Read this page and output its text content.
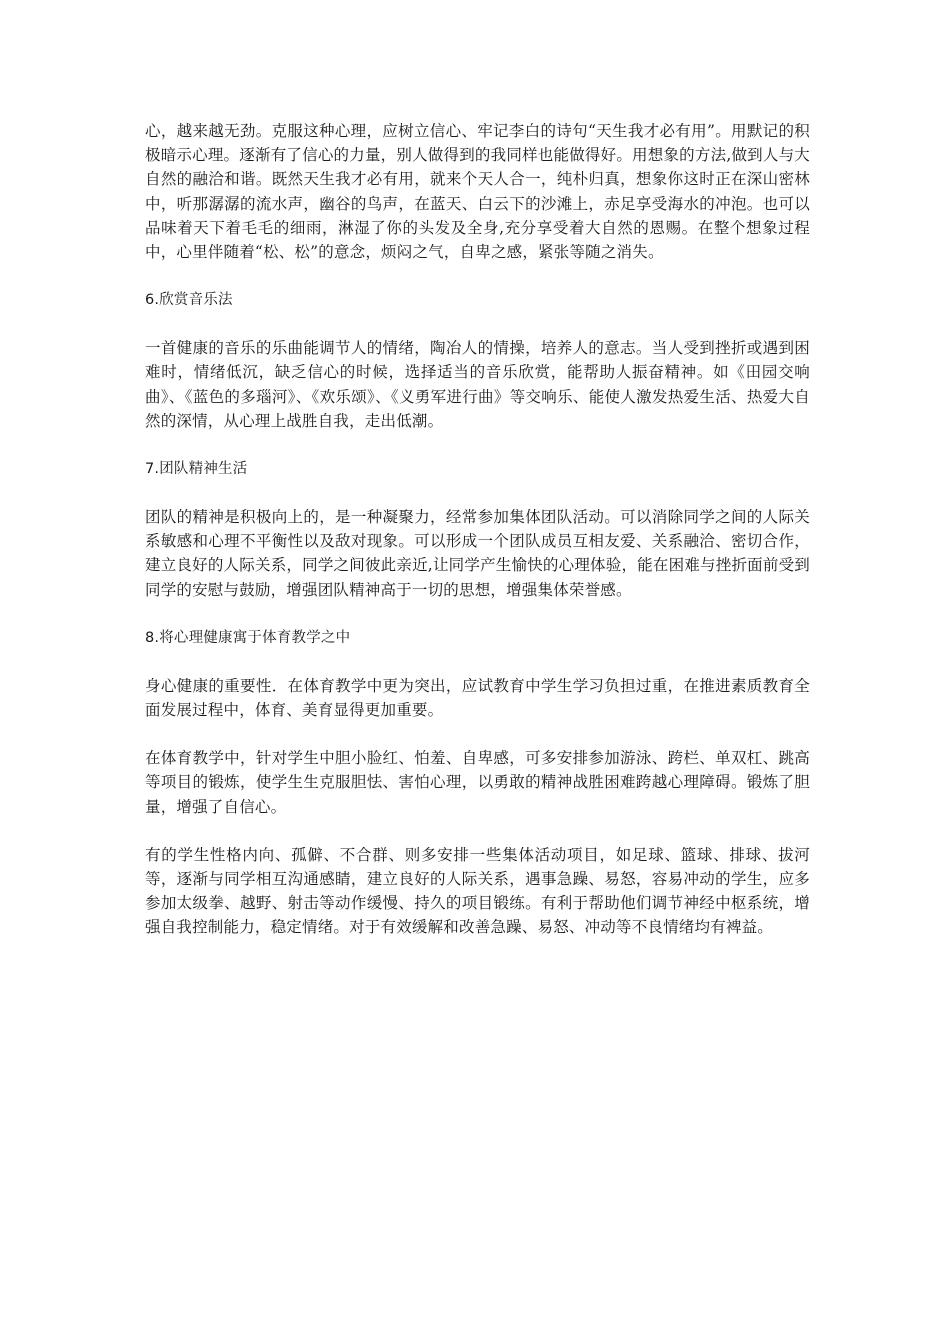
心，越来越无劲。克服这种心理，应树立信心、牢记李白的诗句“天生我才必有用”。用默记的积极暗示心理。逐渐有了信心的力量，别人做得到的我同样也能做得好。用想象的方法,做到人与大自然的融洽和谐。既然天生我才必有用，就来个天人合一，纯朴归真，想象你这时正在深山密林中，听那潺潺的流水声，幽谷的鸟声，在蓝天、白云下的沙滩上，赤足享受海水的冲泡。也可以品味着天下着毛毛的细雨，淋湿了你的头发及全身,充分享受着大自然的恩赐。在整个想象过程中，心里伴随着“松、松”的意念，烦闷之气，自卑之感，紧张等随之消失。

6.欣赏音乐法

一首健康的音乐的乐曲能调节人的情绪，陶冶人的情操，培养人的意志。当人受到挫折或遇到困难时，情绪低沉，缺乏信心的时候，选择适当的音乐欣赏，能帮助人振奋精神。如《田园交响曲》、《蓝色的多瑙河》、《欢乐颂》、《义勇军进行曲》等交响乐、能使人激发热爱生活、热爱大自然的深情，从心理上战胜自我，走出低潮。

7.团队精神生活

团队的精神是积极向上的，是一种凝聚力，经常参加集体团队活动。可以消除同学之间的人际关系敏感和心理不平衡性以及敌对现象。可以形成一个团队成员互相友爱、关系融洽、密切合作，建立良好的人际关系，同学之间彼此亲近,让同学产生愉快的心理体验，能在困难与挫折面前受到同学的安慰与鼓励，增强团队精神高于一切的思想，增强集体荣誉感。

8.将心理健康寓于体育教学之中

身心健康的重要性．在体育教学中更为突出，应试教育中学生学习负担过重，在推进素质教育全面发展过程中，体育、美育显得更加重要。

在体育教学中，针对学生中胆小脸红、怕羞、自卑感，可多安排参加游泳、跨栏、单双杠、跳高等项目的锻炼，使学生生克服胆怯、害怕心理，以勇敢的精神战胜困难跨越心理障碍。锻炼了胆量，增强了自信心。

有的学生性格内向、孤僻、不合群、则多安排一些集体活动项目，如足球、篮球、排球、拔河等，逐渐与同学相互沟通感睛，建立良好的人际关系，遇事急躁、易怒，容易冲动的学生，应多参加太级拳、越野、射击等动作缓慢、持久的项目锻练。有利于帮助他们调节神经中枢系统，增强自我控制能力，稳定情绪。对于有效缓解和改善急躁、易怒、冲动等不良情绪均有裨益。
